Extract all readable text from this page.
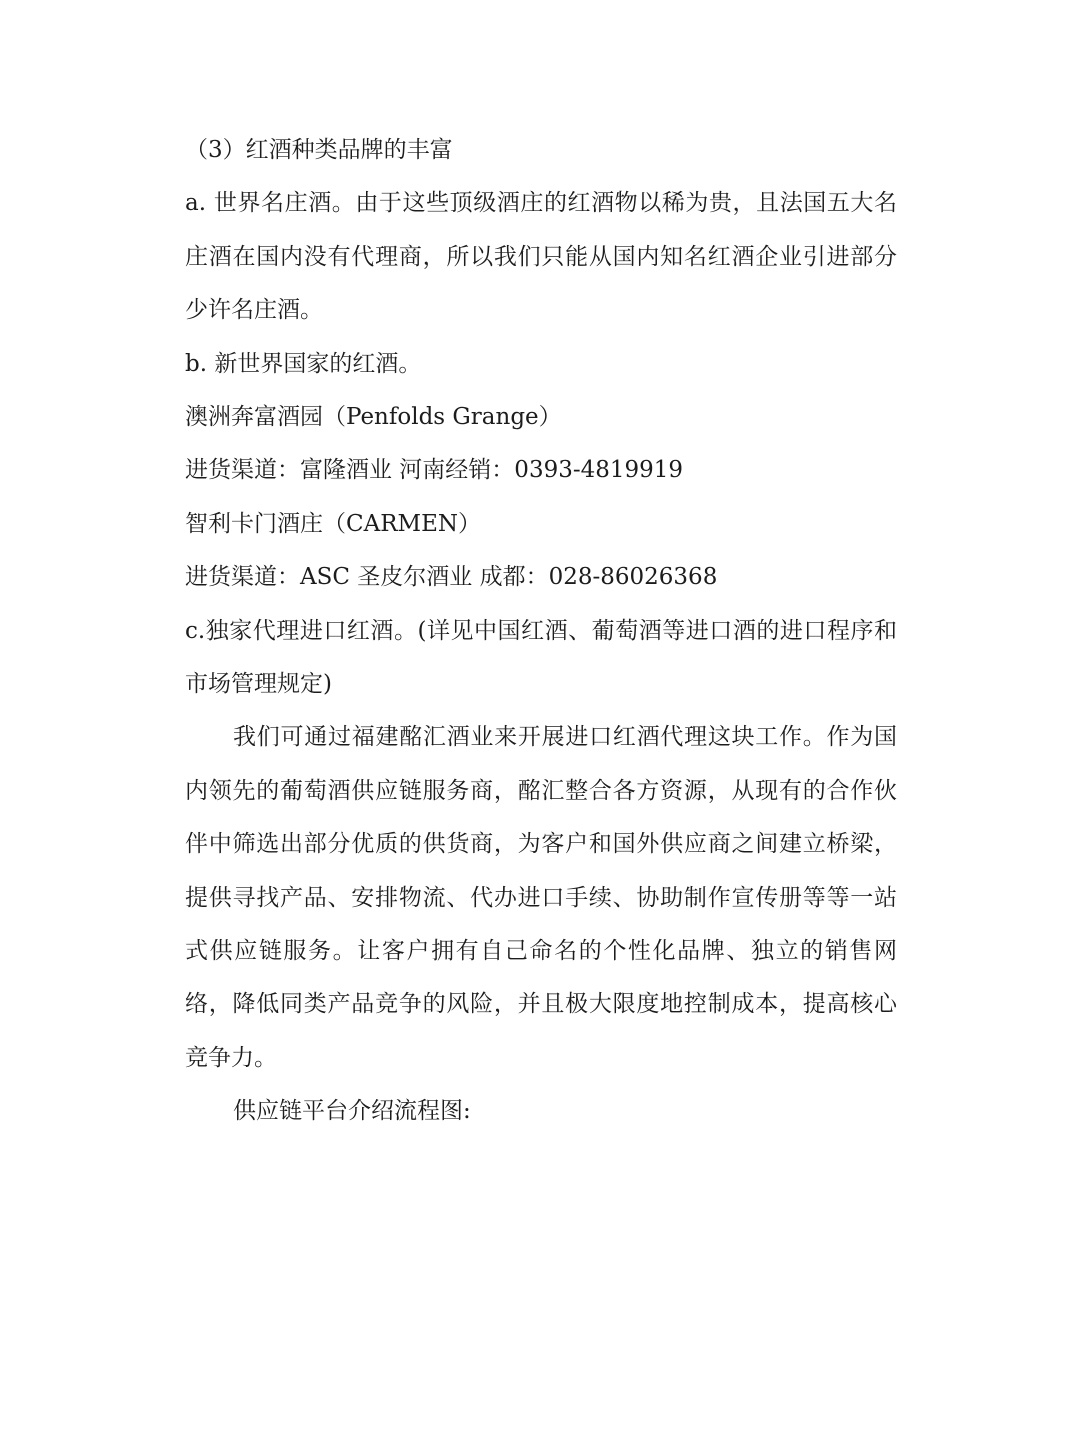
（3）红酒种类品牌的丰富
a. 世界名庄酒。由于这些顶级酒庄的红酒物以稀为贵，且法国五大名庄酒在国内没有代理商，所以我们只能从国内知名红酒企业引进部分少许名庄酒。
b. 新世界国家的红酒。
澳洲奔富酒园（Penfolds Grange）
进货渠道：富隆酒业 河南经销：0393-4819919
智利卡门酒庄（CARMEN）
进货渠道：ASC 圣皮尔酒业 成都：028-86026368
c.独家代理进口红酒。(详见中国红酒、葡萄酒等进口酒的进口程序和市场管理规定)
我们可通过福建酩汇酒业来开展进口红酒代理这块工作。作为国内领先的葡萄酒供应链服务商，酩汇整合各方资源，从现有的合作伙伴中筛选出部分优质的供货商，为客户和国外供应商之间建立桥梁，提供寻找产品、安排物流、代办进口手续、协助制作宣传册等等一站式供应链服务。让客户拥有自己命名的个性化品牌、独立的销售网络，降低同类产品竞争的风险，并且极大限度地控制成本，提高核心竞争力。
供应链平台介绍流程图:
